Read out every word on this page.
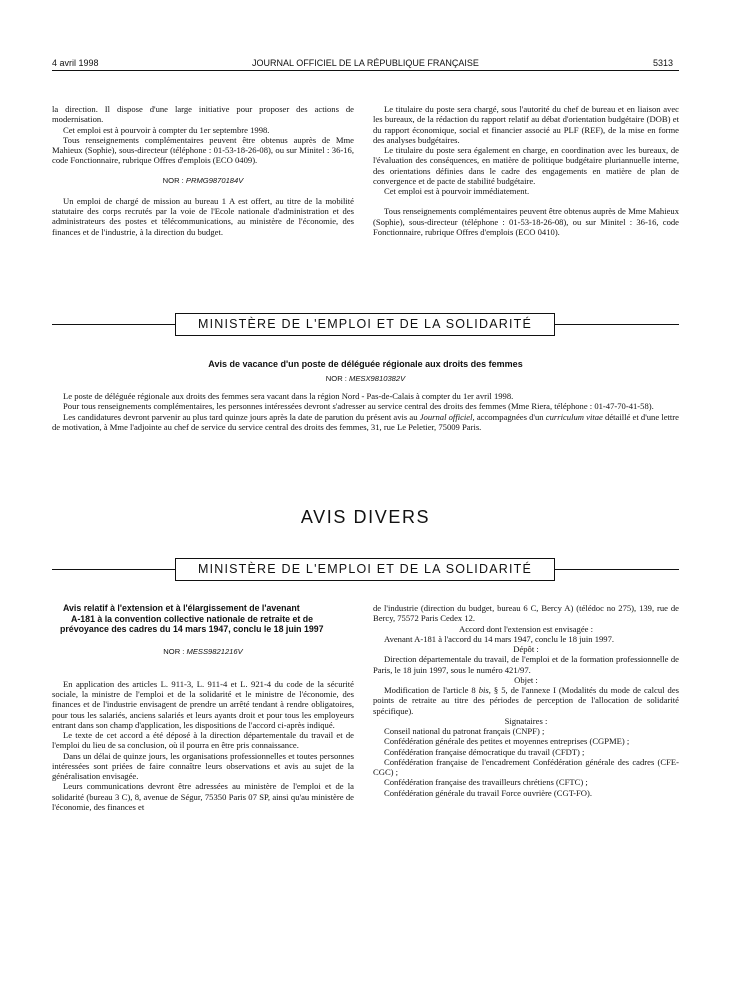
4 avril 1998	JOURNAL OFFICIEL DE LA RÉPUBLIQUE FRANÇAISE	5313

la direction. Il dispose d'une large initiative pour proposer des actions de modernisation.

Cet emploi est à pourvoir à compter du 1er septembre 1998.

Tous renseignements complémentaires peuvent être obtenus auprès de Mme Mahieux (Sophie), sous-directeur (téléphone : 01-53-18-26-08), ou sur Minitel : 36-16, code Fonctionnaire, rubrique Offres d'emplois (ECO 0409).

NOR : PRMG9870184V

Un emploi de chargé de mission au bureau 1 A est offert, au titre de la mobilité statutaire des corps recrutés par la voie de l'Ecole nationale d'administration et des administrateurs des postes et télécommunications, au ministère de l'économie, des finances et de l'industrie, à la direction du budget.

Le titulaire du poste sera chargé, sous l'autorité du chef de bureau et en liaison avec les bureaux, de la rédaction du rapport relatif au débat d'orientation budgétaire (DOB) et du rapport économique, social et financier associé au PLF (REF), de la mise en forme des analyses budgétaires.

Le titulaire du poste sera également en charge, en coordination avec les bureaux, de l'évaluation des conséquences, en matière de politique budgétaire pluriannuelle interne, des orientations définies dans le cadre des engagements en matière de plan de convergence et de pacte de stabilité budgétaire.

Cet emploi est à pourvoir immédiatement.

Tous renseignements complémentaires peuvent être obtenus auprès de Mme Mahieux (Sophie), sous-directeur (téléphone : 01-53-18-26-08), ou sur Minitel : 36-16, code Fonctionnaire, rubrique Offres d'emplois (ECO 0410).

MINISTÈRE DE L'EMPLOI ET DE LA SOLIDARITÉ
Avis de vacance d'un poste de déléguée régionale aux droits des femmes
NOR : MESX9810382V

Le poste de déléguée régionale aux droits des femmes sera vacant dans la région Nord - Pas-de-Calais à compter du 1er avril 1998.

Pour tous renseignements complémentaires, les personnes intéressées devront s'adresser au service central des droits des femmes (Mme Riera, téléphone : 01-47-70-41-58).

Les candidatures devront parvenir au plus tard quinze jours après la date de parution du présent avis au Journal officiel, accompagnées d'un curriculum vitae détaillé et d'une lettre de motivation, à Mme l'adjointe au chef de service du service central des droits des femmes, 31, rue Le Peletier, 75009 Paris.

AVIS DIVERS
MINISTÈRE DE L'EMPLOI ET DE LA SOLIDARITÉ

Avis relatif à l'extension et à l'élargissement de l'avenant
A-181 à la convention collective nationale de retraite et de prévoyance des cadres du 14 mars 1947, conclu le 18 juin 1997

NOR : MESS9821216V

En application des articles L. 911-3, L. 911-4 et L. 921-4 du code de la sécurité sociale, la ministre de l'emploi et de la solidarité et le ministre de l'économie, des finances et de l'industrie envisagent de prendre un arrêté tendant à rendre obligatoires, pour tous les salariés, anciens salariés et leurs ayants droit et pour tous les employeurs entrant dans son champ d'application, les dispositions de l'accord ci-après indiqué.

Le texte de cet accord a été déposé à la direction départementale du travail et de l'emploi du lieu de sa conclusion, où il pourra en être pris connaissance.

Dans un délai de quinze jours, les organisations professionnelles et toutes personnes intéressées sont priées de faire connaître leurs observations et avis au sujet de la généralisation envisagée.

Leurs communications devront être adressées au ministère de l'emploi et de la solidarité (bureau 3 C), 8, avenue de Ségur, 75350 Paris 07 SP, ainsi qu'au ministère de l'économie, des finances et

de l'industrie (direction du budget, bureau 6 C, Bercy A) (télédoc no 275), 139, rue de Bercy, 75572 Paris Cedex 12.

Accord dont l'extension est envisagée :

Avenant A-181 à l'accord du 14 mars 1947, conclu le 18 juin 1997.

Dépôt :

Direction départementale du travail, de l'emploi et de la formation professionnelle de Paris, le 18 juin 1997, sous le numéro 421/97.

Objet :

Modification de l'article 8 bis, § 5, de l'annexe I (Modalités du mode de calcul des points de retraite au titre des périodes de perception de l'allocation de solidarité spécifique).

Signataires :

Conseil national du patronat français (CNPF) ;

Confédération générale des petites et moyennes entreprises (CGPME) ;

Confédération française démocratique du travail (CFDT) ;

Confédération française de l'encadrement Confédération générale des cadres (CFE-CGC) ;

Confédération française des travailleurs chrétiens (CFTC) ;

Confédération générale du travail Force ouvrière (CGT-FO).
